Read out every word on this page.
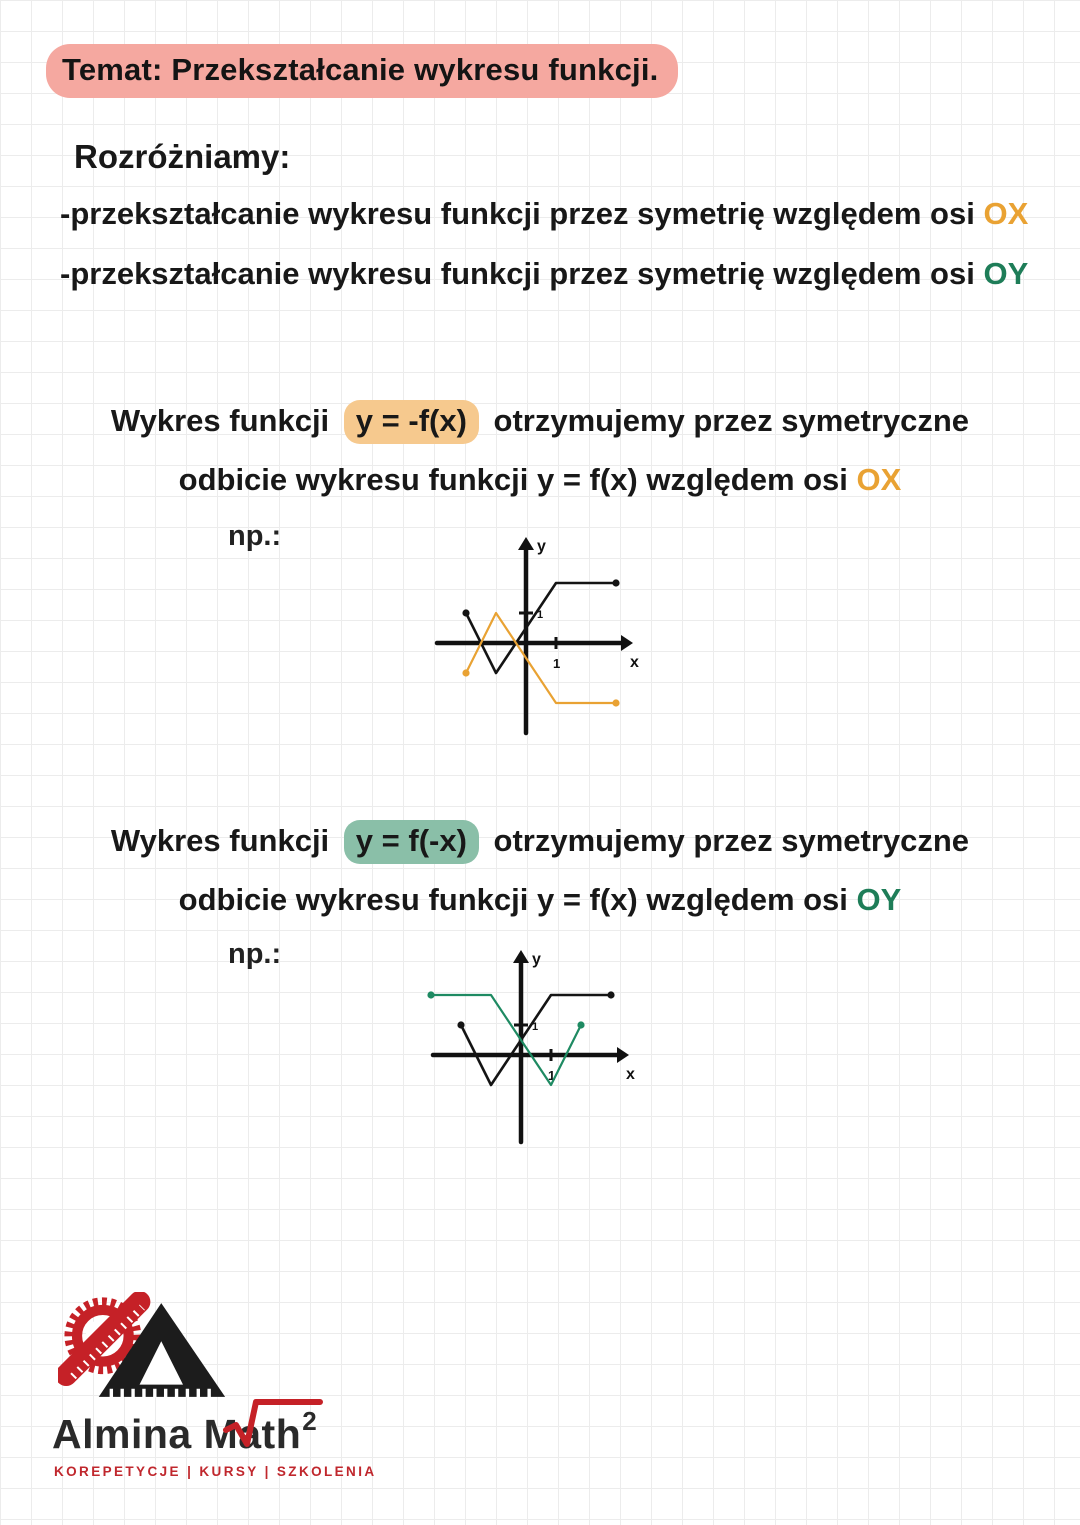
Temat: Przekształcanie wykresu funkcji.
Rozróżniamy:
-przekształcanie wykresu funkcji przez symetrię względem osi OX
-przekształcanie wykresu funkcji przez symetrię względem osi OY
Wykres funkcji y = -f(x) otrzymujemy przez symetryczne
odbicie wykresu funkcji y = f(x) względem osi OX
np.:
x
y
1
1
Wykres funkcji y = f(-x) otrzymujemy przez symetryczne
odbicie wykresu funkcji y = f(x) względem osi OY
np.:
x
y
1
1
Almina M
ath$^2$
KOREPETYCJE | KURSY | SZKOLENIA
